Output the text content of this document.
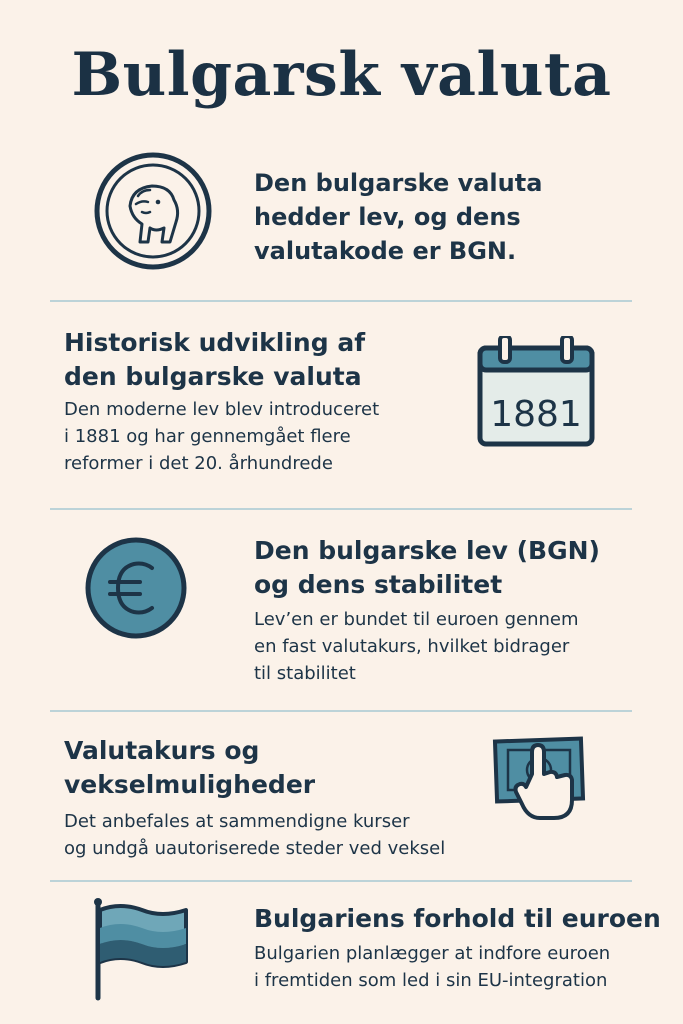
Bulgarsk valuta
Den bulgarske valuta
hedder lev, og dens
valutakode er BGN.
Historisk udvikling af
den bulgarske valuta
Den moderne lev blev introduceret
i 1881 og har gennemgået flere
reformer i det 20. århundrede
1881
Den bulgarske lev (BGN)
og dens stabilitet
Lev’en er bundet til euroen gennem
en fast valutakurs, hvilket bidrager
til stabilitet
Valutakurs og
vekselmuligheder
Det anbefales at sammendigne kurser
og undgå uautoriserede steder ved veksel
Bulgariens forhold til euroen
Bulgarien planlægger at indfore euroen
i fremtiden som led i sin EU-integration
